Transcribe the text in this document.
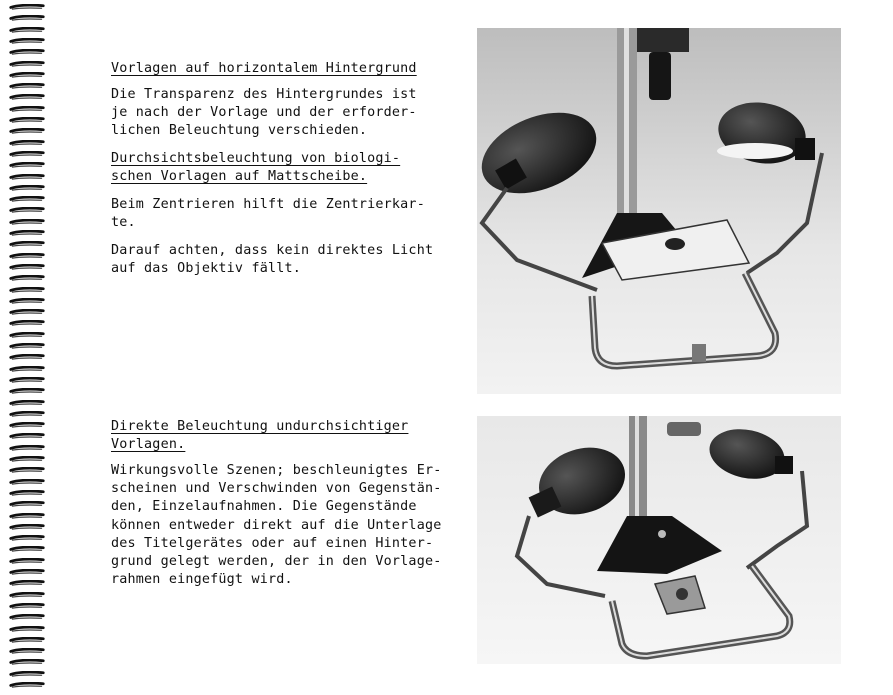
Vorlagen auf horizontalem Hintergrund
Die Transparenz des Hintergrundes ist
je nach der Vorlage und der erforder-
lichen Beleuchtung verschieden.
Durchsichtsbeleuchtung von biologi-
schen Vorlagen auf Mattscheibe.
Beim Zentrieren hilft die Zentrierkar-
te.
Darauf achten, dass kein direktes Licht
auf das Objektiv fällt.
Direkte Beleuchtung undurchsichtiger
Vorlagen.
Wirkungsvolle Szenen; beschleunigtes Er-
scheinen und Verschwinden von Gegenstän-
den, Einzelaufnahmen. Die Gegenstände
können entweder direkt auf die Unterlage
des Titelgerätes oder auf einen Hinter-
grund gelegt werden, der in den Vorlage-
rahmen eingefügt wird.
